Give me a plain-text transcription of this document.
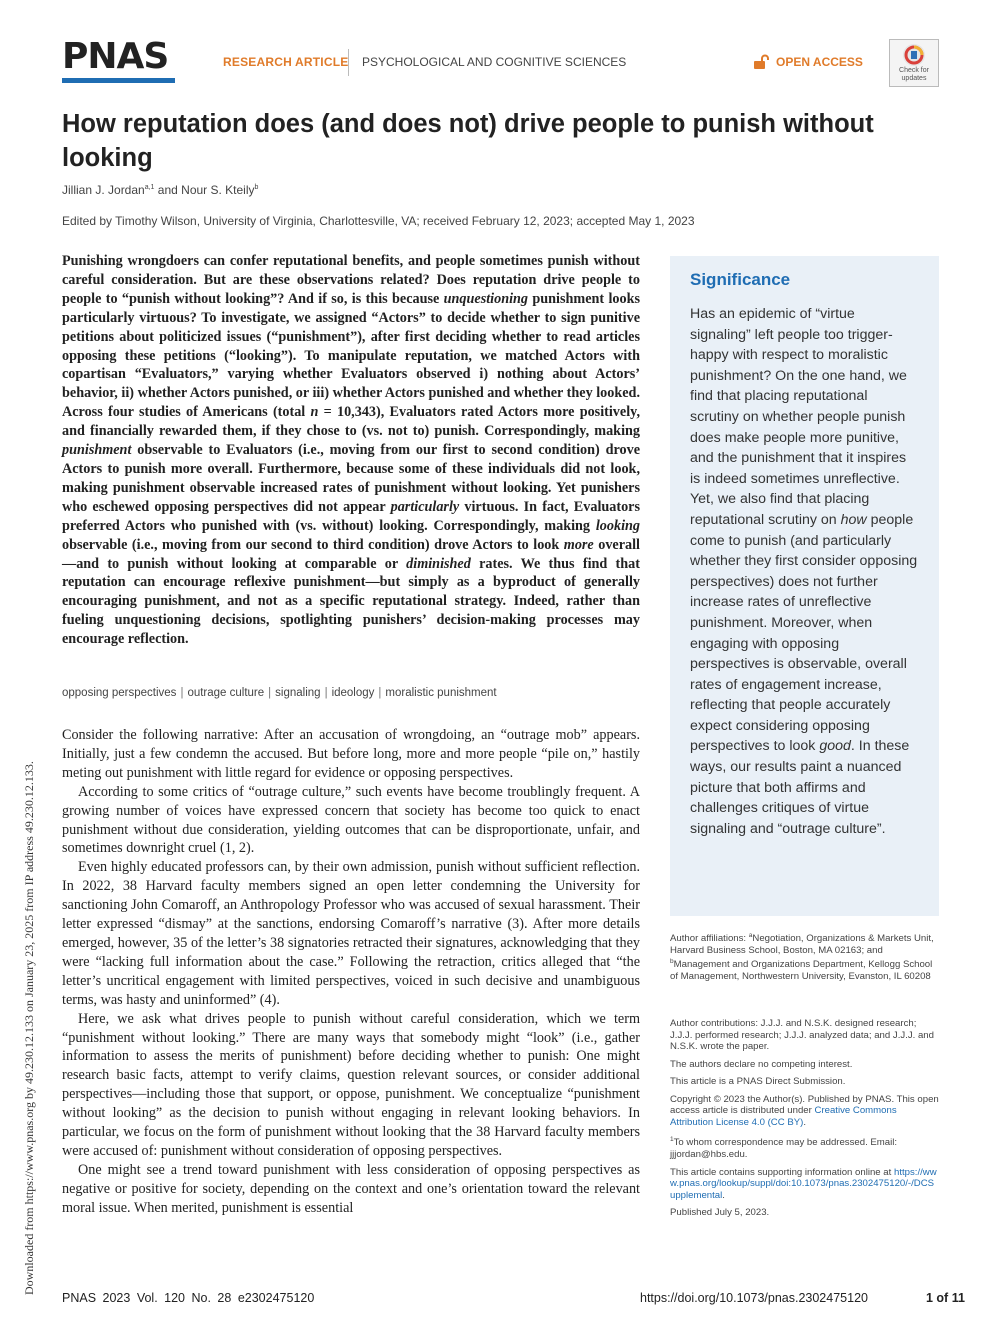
Downloaded from https://www.pnas.org by 49.230.12.133 on January 23, 2025 from IP address 49.230.12.133.
PNAS	RESEARCH ARTICLE PSYCHOLOGICAL AND COGNITIVE SCIENCES	OPEN ACCESS
Check for
updates
How reputation does (and does not) drive people to punish without looking
Jillian J. Jordan$^{a,1}$ and Nour S. Kteily$^b$
Edited by Timothy Wilson, University of Virginia, Charlottesville, VA; received February 12, 2023; accepted May 1, 2023
Punishing wrongdoers can confer reputational benefits, and people sometimes punish without careful consideration. But are these observations related? Does reputation drive people to people to “punish without looking”? And if so, is this because unquestioning punishment looks particularly virtuous? To investigate, we assigned “Actors” to decide whether to sign punitive petitions about politicized issues (“punishment”), after first deciding whether to read articles opposing these petitions (“looking”). To manipulate reputation, we matched Actors with copartisan “Evaluators,” varying whether Evaluators observed i) nothing about Actors’ behavior, ii) whether Actors punished, or iii) whether Actors punished and whether they looked. Across four studies of Americans (total n = 10,343), Evaluators rated Actors more positively, and financially rewarded them, if they chose to (vs. not to) punish. Correspondingly, making punishment observable to Evaluators (i.e., moving from our first to second condition) drove Actors to punish more overall. Furthermore, because some of these individuals did not look, making punishment observable increased rates of punishment without looking. Yet punishers who eschewed opposing perspectives did not appear particularly virtuous. In fact, Evaluators preferred Actors who punished with (vs. without) looking. Correspondingly, making looking observable (i.e., moving from our second to third condition) drove Actors to look more overall—and to punish without looking at comparable or diminished rates. We thus find that reputation can encourage reflexive punishment—but simply as a byproduct of generally encouraging punishment, and not as a specific reputational strategy. Indeed, rather than fueling unquestioning decisions, spotlighting punishers’ decision-making processes may encourage reflection.
opposing perspectives | outrage culture | signaling | ideology | moralistic punishment

Consider the following narrative: After an accusation of wrongdoing, an “outrage mob” appears. Initially, just a few condemn the accused. But before long, more and more people “pile on,” hastily meting out punishment with little regard for evidence or opposing perspectives.

According to some critics of “outrage culture,” such events have become troublingly frequent. A growing number of voices have expressed concern that society has become too quick to enact punishment without due consideration, yielding outcomes that can be disproportionate, unfair, and sometimes downright cruel (1, 2).

Even highly educated professors can, by their own admission, punish without sufficient reflection. In 2022, 38 Harvard faculty members signed an open letter condemning the University for sanctioning John Comaroff, an Anthropology Professor who was accused of sexual harassment. Their letter expressed “dismay” at the sanctions, endorsing Comaroff’s narrative (3). After more details emerged, however, 35 of the letter’s 38 signatories retracted their signatures, acknowledging that they were “lacking full information about the case.” Following the retraction, critics alleged that “the letter’s uncritical engagement with limited perspectives, voiced in such decisive and unambiguous terms, was hasty and uninformed” (4).

Here, we ask what drives people to punish without careful consideration, which we term “punishment without looking.” There are many ways that somebody might “look” (i.e., gather information to assess the merits of punishment) before deciding whether to punish: One might research basic facts, attempt to verify claims, question relevant sources, or consider additional perspectives—including those that support, or oppose, punishment. We conceptualize “punishment without looking” as the decision to punish without engaging in relevant looking behaviors. In particular, we focus on the form of punishment without looking that the 38 Harvard faculty members were accused of: punishment without consideration of opposing perspectives.

One might see a trend toward punishment with less consideration of opposing perspectives as negative or positive for society, depending on the context and one’s orientation toward the relevant moral issue. When merited, punishment is essential

Significance
Has an epidemic of “virtue signaling” left people too trigger-happy with respect to moralistic punishment? On the one hand, we find that placing reputational scrutiny on whether people punish does make people more punitive, and the punishment that it inspires is indeed sometimes unreflective. Yet, we also find that placing reputational scrutiny on how people come to punish (and particularly whether they first consider opposing perspectives) does not further increase rates of unreflective punishment. Moreover, when engaging with opposing perspectives is observable, overall rates of engagement increase, reflecting that people accurately expect considering opposing perspectives to look good. In these ways, our results paint a nuanced picture that both affirms and challenges critiques of virtue signaling and “outrage culture”.

Author affiliations: $^a$Negotiation, Organizations & Markets Unit, Harvard Business School, Boston, MA 02163; and $^b$Management and Organizations Department, Kellogg School of Management, Northwestern University, Evanston, IL 60208

Author contributions: J.J.J. and N.S.K. designed research; J.J.J. performed research; J.J.J. analyzed data; and J.J.J. and N.S.K. wrote the paper.

The authors declare no competing interest.

This article is a PNAS Direct Submission.

Copyright © 2023 the Author(s). Published by PNAS. This open access article is distributed under Creative Commons Attribution License 4.0 (CC BY).

$^1$To whom correspondence may be addressed. Email: jjjordan@hbs.edu.

This article contains supporting information online at https://www.pnas.org/lookup/suppl/doi:10.1073/pnas.2302475120/-/DCSupplemental.

Published July 5, 2023.

PNAS 2023 Vol. 120 No. 28 e2302475120	https://doi.org/10.1073/pnas.2302475120	1 of 11
